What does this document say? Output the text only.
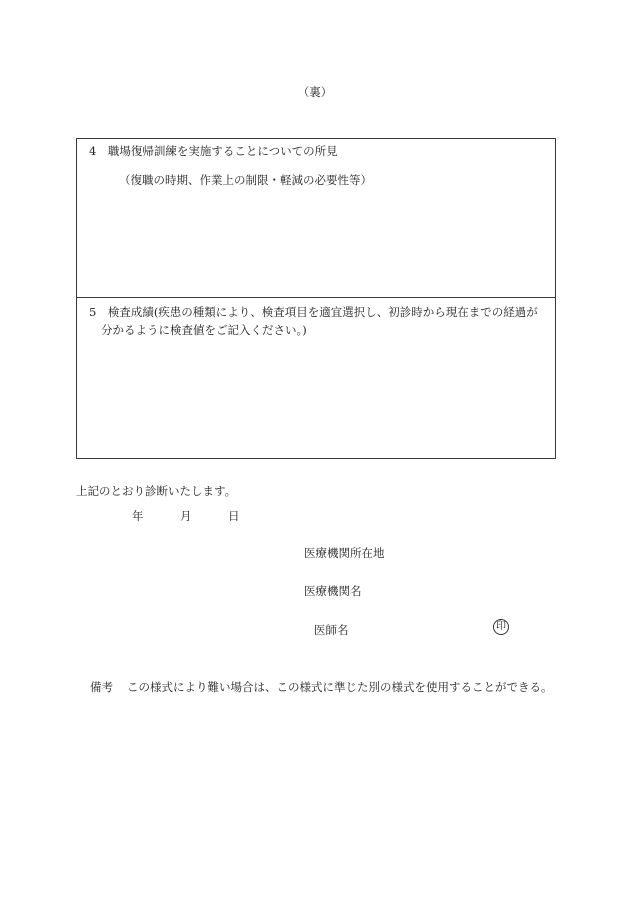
（裏）
4　職場復帰訓練を実施することについての所見
（復職の時期、作業上の制限・軽減の必要性等）
5　検査成績(疾患の種類により、検査項目を適宜選択し、初診時から現在までの経過が
分かるように検査値をご記入ください。)
上記のとおり診断いたします。
年	月	日
医療機関所在地
医療機関名
医師名	印
備考 この様式により難い場合は、この様式に準じた別の様式を使用することができる。
